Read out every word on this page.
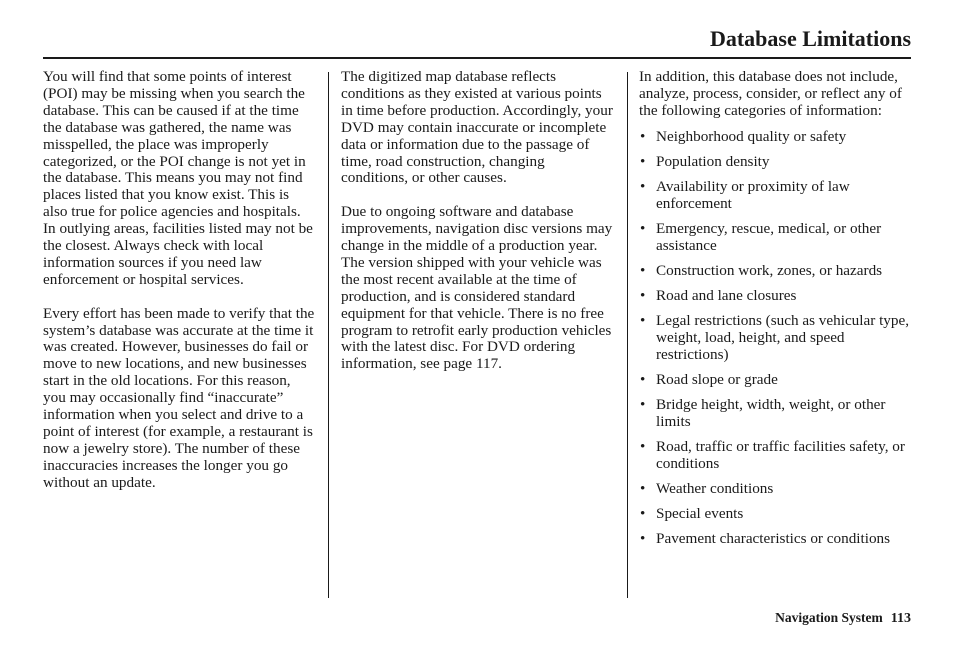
Database Limitations

You will find that some points of interest (POI) may be missing when you search the database. This can be caused if at the time the database was gathered, the name was misspelled, the place was improperly categorized, or the POI change is not yet in the database. This means you may not find places listed that you know exist. This is also true for police agencies and hospitals. In outlying areas, facilities listed may not be the closest. Always check with local information sources if you need law enforcement or hospital services.

Every effort has been made to verify that the system’s database was accurate at the time it was created. However, businesses do fail or move to new locations, and new businesses start in the old locations. For this reason, you may occasionally find “inaccurate” information when you select and drive to a point of interest (for example, a restaurant is now a jewelry store). The number of these inaccuracies increases the longer you go without an update.

The digitized map database reflects conditions as they existed at various points in time before production. Accordingly, your DVD may contain inaccurate or incomplete data or information due to the passage of time, road construction, changing conditions, or other causes.

Due to ongoing software and database improvements, navigation disc versions may change in the middle of a production year. The version shipped with your vehicle was the most recent available at the time of production, and is considered standard equipment for that vehicle. There is no free program to retrofit early production vehicles with the latest disc. For DVD ordering information, see page 117.

In addition, this database does not include, analyze, process, consider, or reflect any of the following categories of information:

• Neighborhood quality or safety
• Population density
• Availability or proximity of law enforcement
• Emergency, rescue, medical, or other assistance
• Construction work, zones, or hazards
• Road and lane closures
• Legal restrictions (such as vehicular type, weight, load, height, and speed restrictions)
• Road slope or grade
• Bridge height, width, weight, or other limits
• Road, traffic or traffic facilities safety, or conditions
• Weather conditions
• Special events
• Pavement characteristics or conditions
Navigation System 113
